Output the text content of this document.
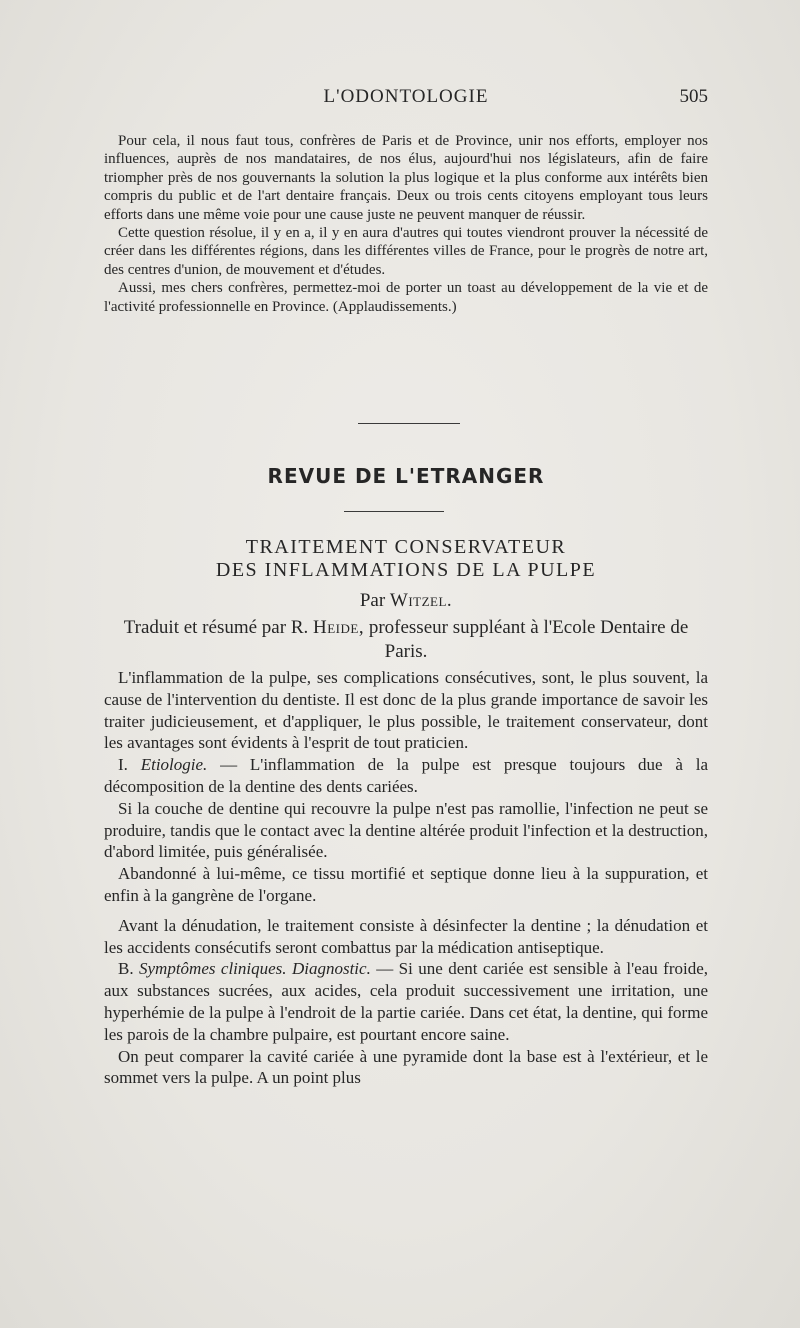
L'ODONTOLOGIE	505

Pour cela, il nous faut tous, confrères de Paris et de Province, unir nos efforts, employer nos influences, auprès de nos mandataires, de nos élus, aujourd'hui nos législateurs, afin de faire triompher près de nos gouvernants la solution la plus logique et la plus conforme aux intérêts bien compris du public et de l'art dentaire français. Deux ou trois cents citoyens employant tous leurs efforts dans une même voie pour une cause juste ne peuvent manquer de réussir.

Cette question résolue, il y en a, il y en aura d'autres qui toutes viendront prouver la nécessité de créer dans les différentes régions, dans les différentes villes de France, pour le progrès de notre art, des centres d'union, de mouvement et d'études.

Aussi, mes chers confrères, permettez-moi de porter un toast au développement de la vie et de l'activité professionnelle en Province. (Applaudissements.)

REVUE DE L'ETRANGER
TRAITEMENT CONSERVATEUR
DES INFLAMMATIONS DE LA PULPE
Par Witzel.
Traduit et résumé par R. Heide, professeur suppléant à l'Ecole Dentaire de Paris.

L'inflammation de la pulpe, ses complications consécutives, sont, le plus souvent, la cause de l'intervention du dentiste. Il est donc de la plus grande importance de savoir les traiter judicieusement, et d'appliquer, le plus possible, le traitement conservateur, dont les avantages sont évidents à l'esprit de tout praticien.

I. Etiologie. — L'inflammation de la pulpe est presque toujours due à la décomposition de la dentine des dents cariées.

Si la couche de dentine qui recouvre la pulpe n'est pas ramollie, l'infection ne peut se produire, tandis que le contact avec la dentine altérée produit l'infection et la destruction, d'abord limitée, puis généralisée.

Abandonné à lui-même, ce tissu mortifié et septique donne lieu à la suppuration, et enfin à la gangrène de l'organe.

Avant la dénudation, le traitement consiste à désinfecter la dentine ; la dénudation et les accidents consécutifs seront combattus par la médication antiseptique.

B. Symptômes cliniques. Diagnostic. — Si une dent cariée est sensible à l'eau froide, aux substances sucrées, aux acides, cela produit successivement une irritation, une hyperhémie de la pulpe à l'endroit de la partie cariée. Dans cet état, la dentine, qui forme les parois de la chambre pulpaire, est pourtant encore saine.

On peut comparer la cavité cariée à une pyramide dont la base est à l'extérieur, et le sommet vers la pulpe. A un point plus
